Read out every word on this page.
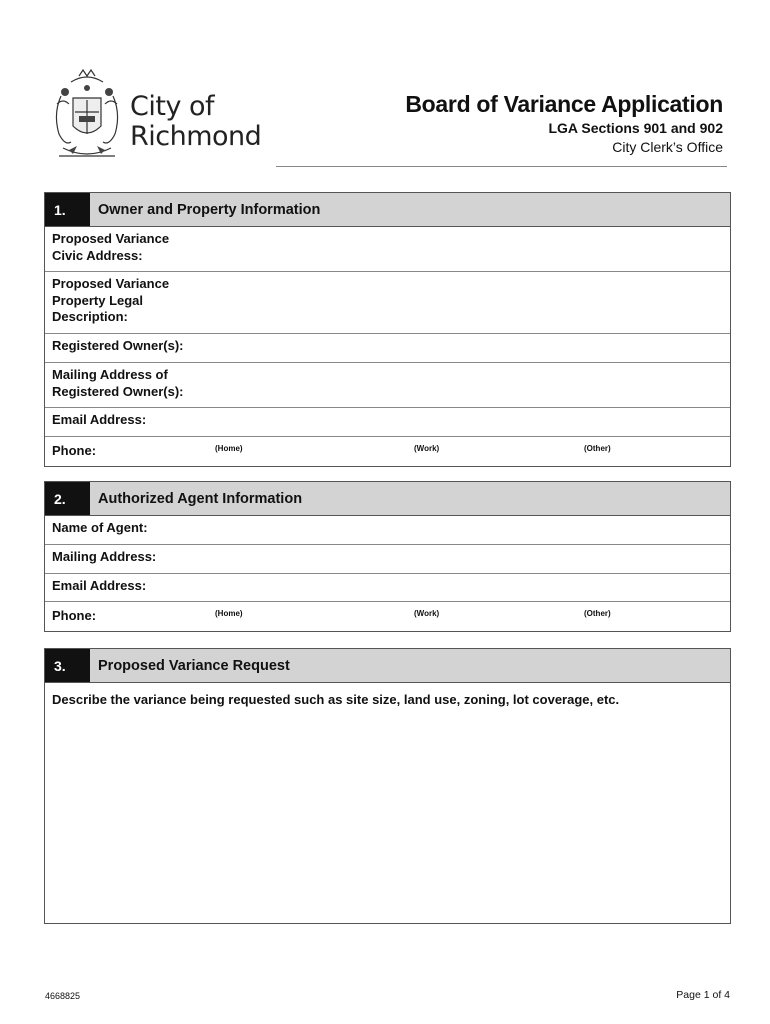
City of
Richmond
Board of Variance Application
LGA Sections 901 and 902
City Clerk’s Office
1.	Owner and Property Information
Proposed Variance
Civic Address:
Proposed Variance
Property Legal
Description:
Registered Owner(s):
Mailing Address of
Registered Owner(s):
Email Address:
Phone:	(Home)	(Work)	(Other)
2.	Authorized Agent Information
Name of Agent:
Mailing Address:
Email Address:
Phone:	(Home)	(Work)	(Other)
3.	Proposed Variance Request
Describe the variance being requested such as site size, land use, zoning, lot coverage, etc.
4668825	Page 1 of 4
